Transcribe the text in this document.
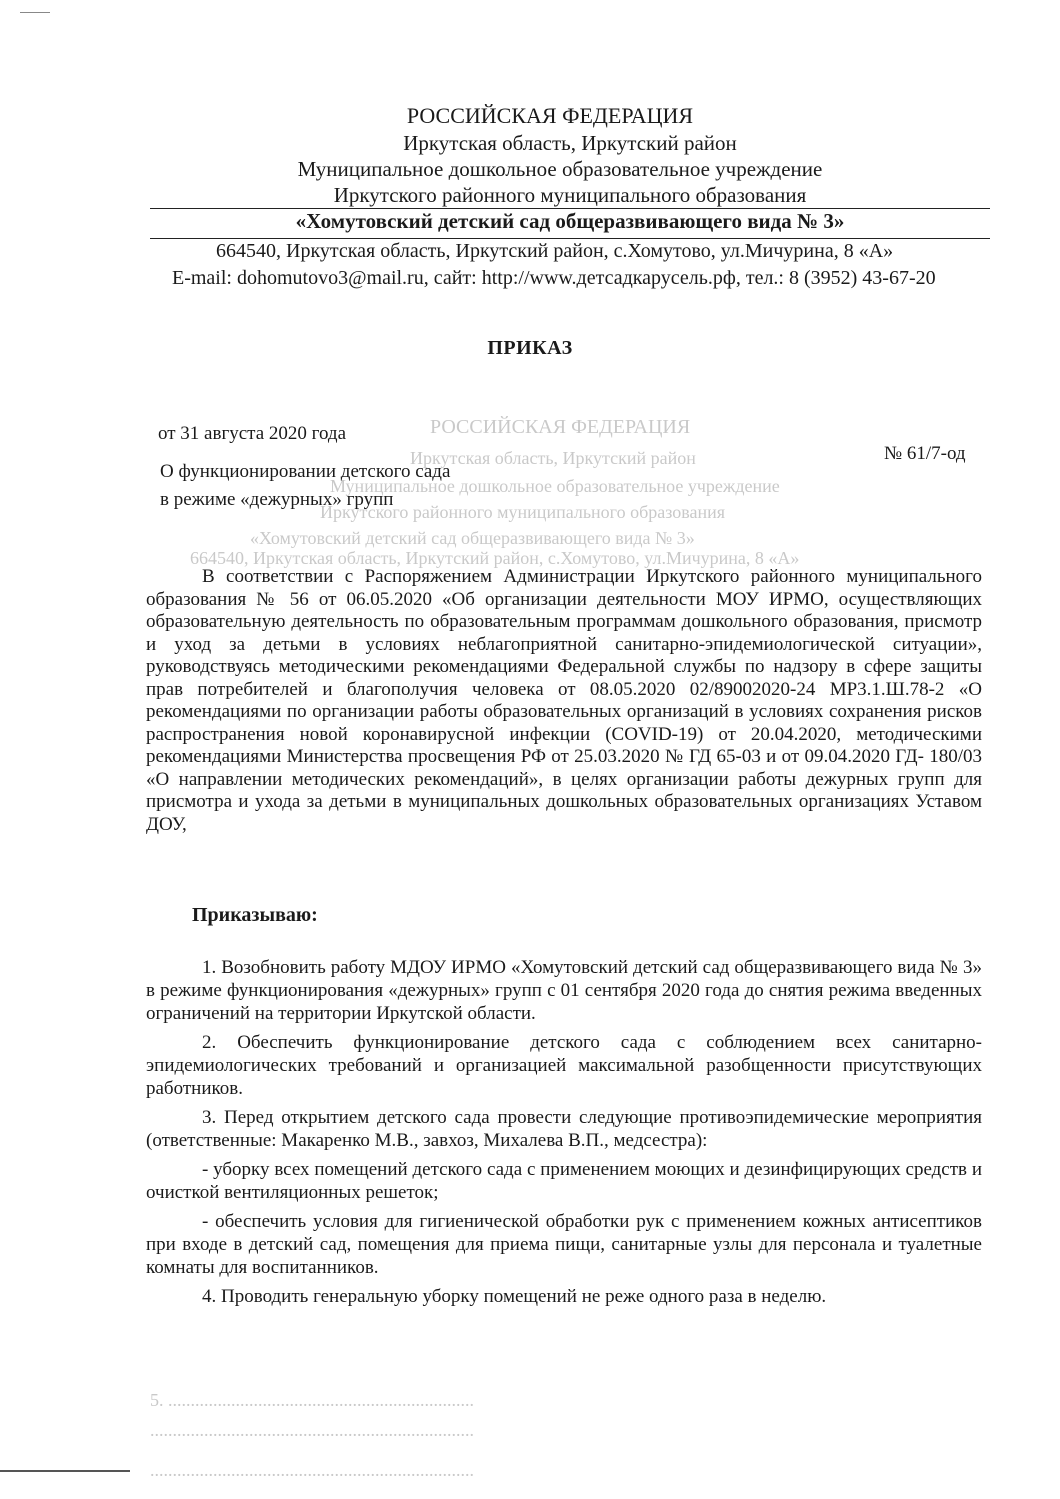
РОССИЙСКАЯ ФЕДЕРАЦИЯ
Иркутская область, Иркутский район
Муниципальное дошкольное образовательное учреждение
Иркутского районного муниципального образования
«Хомутовский детский сад общеразвивающего вида № 3»
664540, Иркутская область, Иркутский район, с.Хомутово, ул.Мичурина, 8 «А»
5. ....................................................................
........................................................................
........................................................................
РОССИЙСКАЯ ФЕДЕРАЦИЯ
Иркутская область, Иркутский район
Муниципальное дошкольное образовательное учреждение
Иркутского районного муниципального образования
«Хомутовский детский сад общеразвивающего вида № 3»
664540, Иркутская область, Иркутский район, с.Хомутово, ул.Мичурина, 8 «А»
E-mail: dohomutovo3@mail.ru, сайт: http://www.детсадкарусель.рф, тел.: 8 (3952) 43-67-20
ПРИКАЗ
от 31 августа 2020 года
№ 61/7-од
О функционировании детского сада
в режиме «дежурных» групп

В соответствии с Распоряжением Администрации Иркутского районного муниципального образования № 56 от 06.05.2020 «Об организации деятельности МОУ ИРМО, осуществляющих образовательную деятельность по образовательным программам дошкольного образования, присмотр и уход за детьми в условиях неблагоприятной санитарно-эпидемиологической ситуации», руководствуясь методическими рекомендациями Федеральной службы по надзору в сфере защиты прав потребителей и благополучия человека от 08.05.2020 02/89002020-24 МР3.1.Ш.78-2 «О рекомендациями по организации работы образовательных организаций в условиях сохранения рисков распространения новой коронавирусной инфекции (COVID-19) от 20.04.2020, методическими рекомендациями Министерства просвещения РФ от 25.03.2020 № ГД 65-03 и от 09.04.2020 ГД- 180/03 «О направлении методических рекомендаций», в целях организации работы дежурных групп для присмотра и ухода за детьми в муниципальных дошкольных образовательных организациях Уставом ДОУ,

Приказываю:

1. Возобновить работу МДОУ ИРМО «Хомутовский детский сад общеразвивающего вида № 3» в режиме функционирования «дежурных» групп с 01 сентября 2020 года до снятия режима введенных ограничений на территории Иркутской области.

2. Обеспечить функционирование детского сада с соблюдением всех санитарно-эпидемиологических требований и организацией максимальной разобщенности присутствующих работников.

3. Перед открытием детского сада провести следующие противоэпидемические мероприятия (ответственные: Макаренко М.В., завхоз, Михалева В.П., медсестра):

- уборку всех помещений детского сада с применением моющих и дезинфицирующих средств и очисткой вентиляционных решеток;

- обеспечить условия для гигиенической обработки рук с применением кожных антисептиков при входе в детский сад, помещения для приема пищи, санитарные узлы для персонала и туалетные комнаты для воспитанников.

4. Проводить генеральную уборку помещений не реже одного раза в неделю.
